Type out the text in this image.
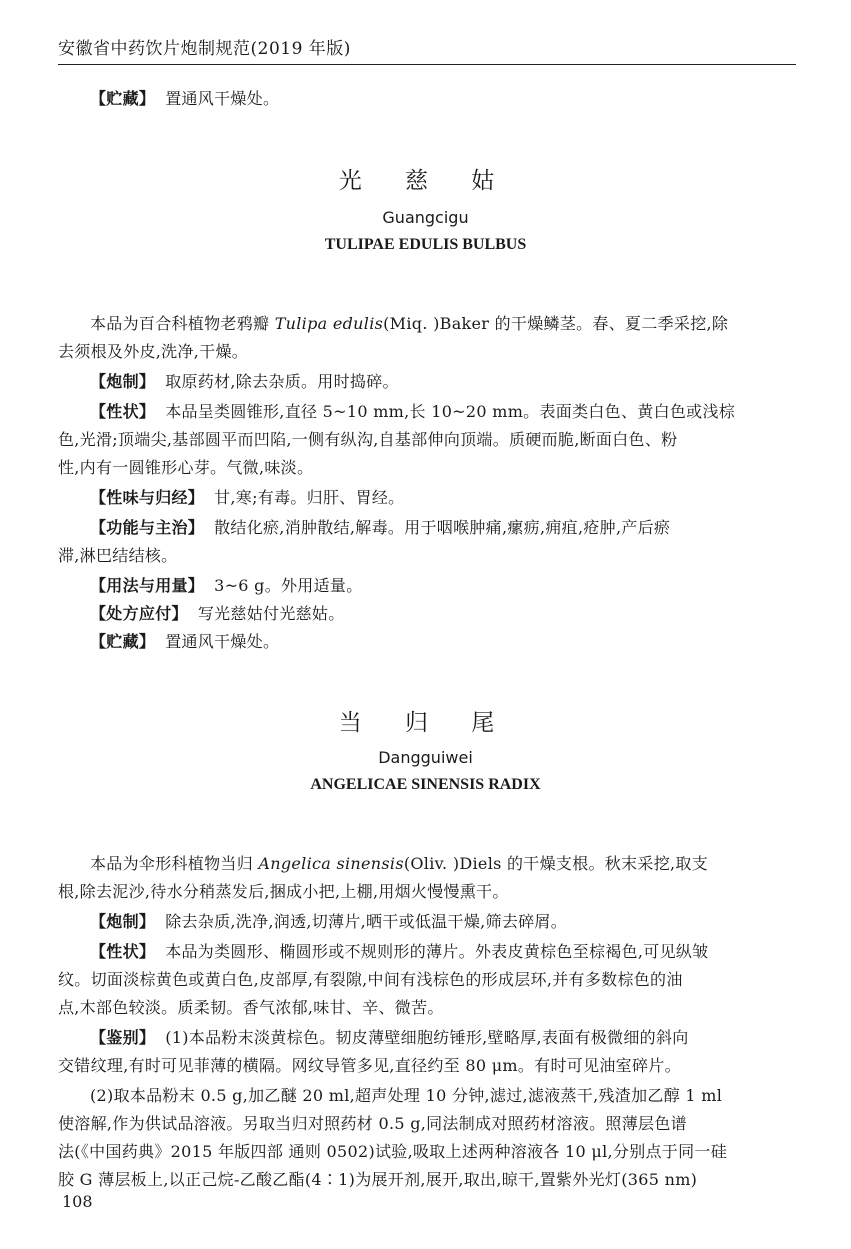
安徽省中药饮片炮制规范(2019 年版)
【贮藏】 置通风干燥处。
光 慈 姑
Guangcigu
TULIPAE EDULIS BULBUS
本品为百合科植物老鸦瓣 Tulipa edulis(Miq. )Baker 的干燥鳞茎。春、夏二季采挖,除
去须根及外皮,洗净,干燥。
【炮制】 取原药材,除去杂质。用时捣碎。
【性状】 本品呈类圆锥形,直径 5~10 mm,长 10~20 mm。表面类白色、黄白色或浅棕
色,光滑;顶端尖,基部圆平而凹陷,一侧有纵沟,自基部伸向顶端。质硬而脆,断面白色、粉
性,内有一圆锥形心芽。气微,味淡。
【性味与归经】 甘,寒;有毒。归肝、胃经。
【功能与主治】 散结化瘀,消肿散结,解毒。用于咽喉肿痛,瘰疬,痈疽,疮肿,产后瘀
滞,淋巴结结核。
【用法与用量】 3~6 g。外用适量。
【处方应付】 写光慈姑付光慈姑。
【贮藏】 置通风干燥处。
当 归 尾
Dangguiwei
ANGELICAE SINENSIS RADIX
本品为伞形科植物当归 Angelica sinensis(Oliv. )Diels 的干燥支根。秋末采挖,取支
根,除去泥沙,待水分稍蒸发后,捆成小把,上棚,用烟火慢慢熏干。
【炮制】 除去杂质,洗净,润透,切薄片,晒干或低温干燥,筛去碎屑。
【性状】 本品为类圆形、椭圆形或不规则形的薄片。外表皮黄棕色至棕褐色,可见纵皱
纹。切面淡棕黄色或黄白色,皮部厚,有裂隙,中间有浅棕色的形成层环,并有多数棕色的油
点,木部色较淡。质柔韧。香气浓郁,味甘、辛、微苦。
【鉴别】 (1)本品粉末淡黄棕色。韧皮薄壁细胞纺锤形,壁略厚,表面有极微细的斜向
交错纹理,有时可见菲薄的横隔。网纹导管多见,直径约至 80 μm。有时可见油室碎片。
(2)取本品粉末 0.5 g,加乙醚 20 ml,超声处理 10 分钟,滤过,滤液蒸干,残渣加乙醇 1 ml
使溶解,作为供试品溶液。另取当归对照药材 0.5 g,同法制成对照药材溶液。照薄层色谱
法(《中国药典》2015 年版四部 通则 0502)试验,吸取上述两种溶液各 10 μl,分别点于同一硅
胶 G 薄层板上,以正己烷-乙酸乙酯(4∶1)为展开剂,展开,取出,晾干,置紫外光灯(365 nm)
108
